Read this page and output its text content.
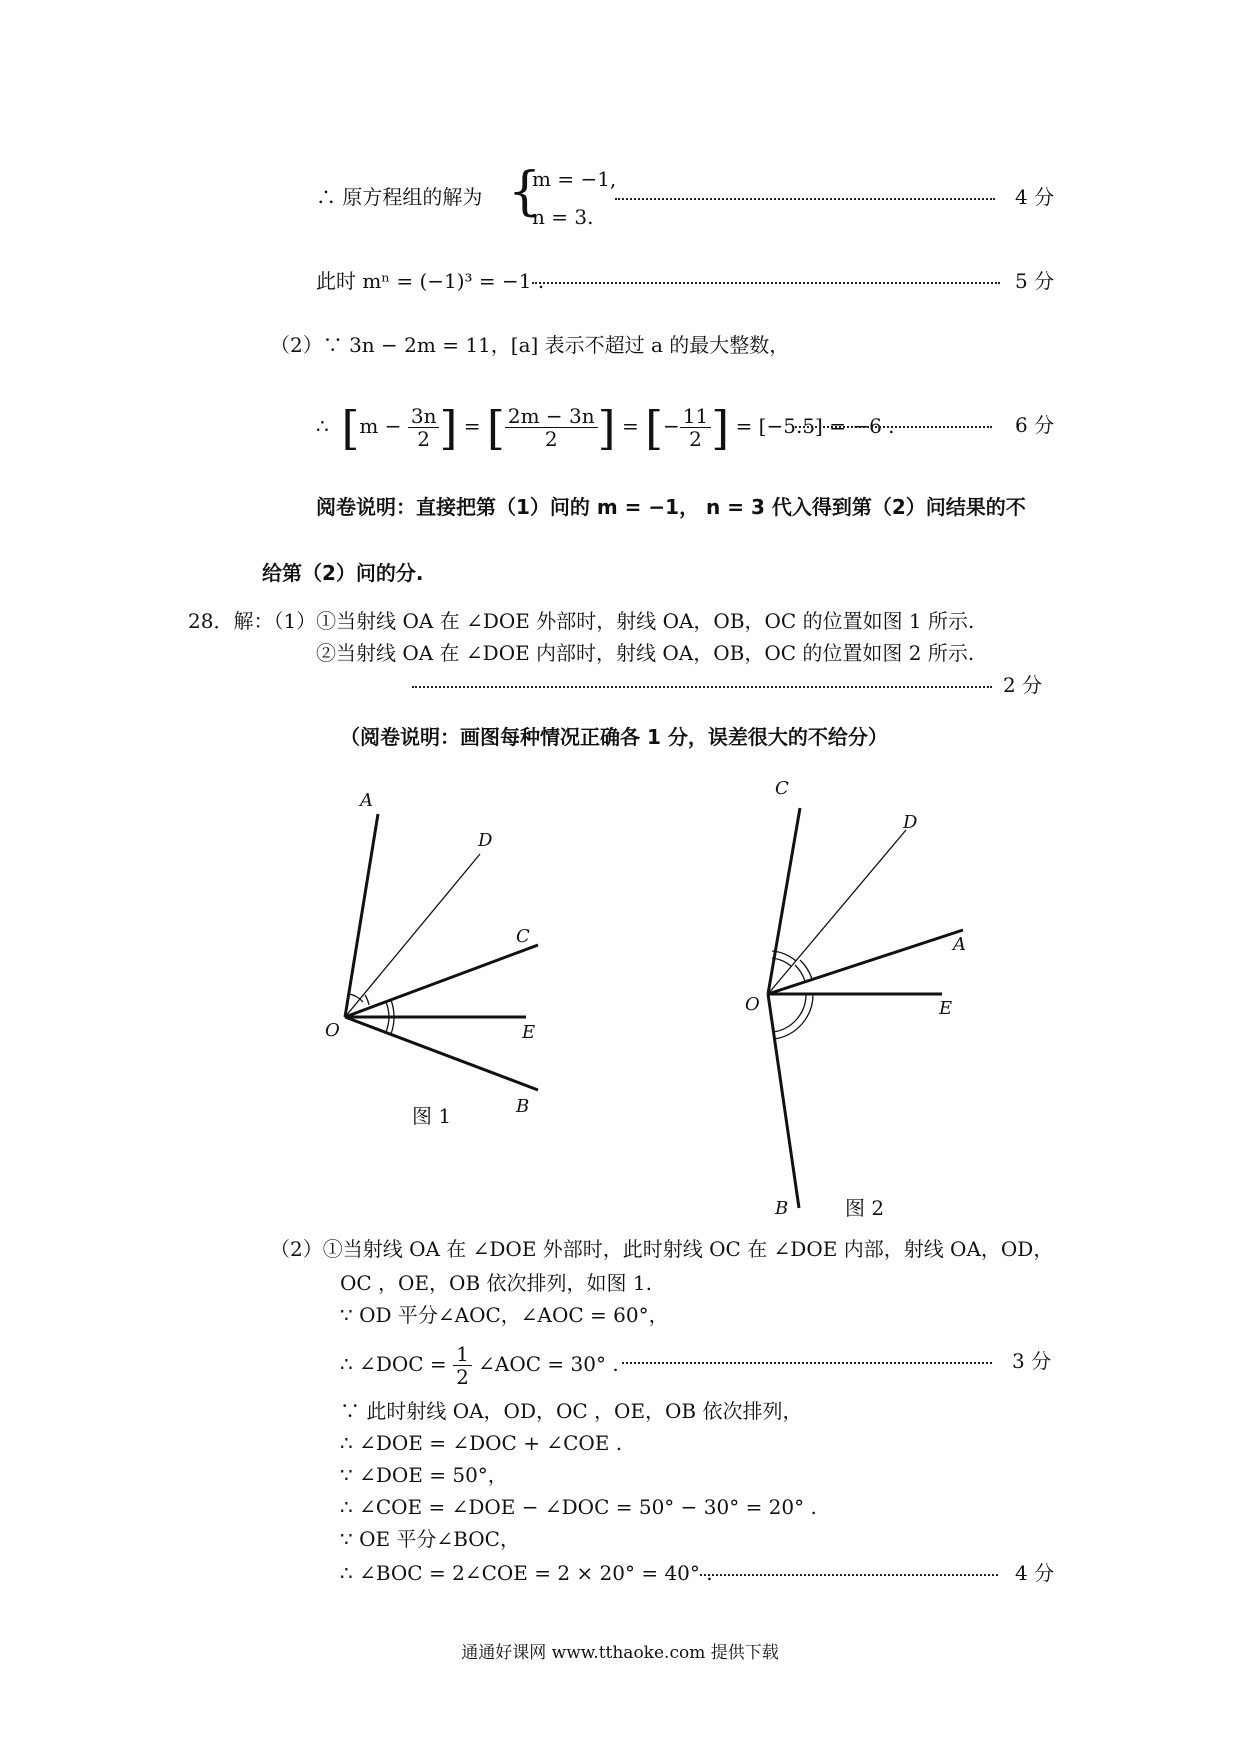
∴ 原方程组的解为 {
m = −1,
n = 3.
4 分
此时 mⁿ = (−1)³ = −1 .	5 分
（2）∵ 3n − 2m = 11，[a] 表示不超过 a 的最大整数，
∴ [$m - \frac{3n}{2}$ ] = [ $\frac{2m - 3n}{2}$ ] = [− $\frac{11}{2}$ ] = [−5.5] = −6 .	6 分
阅卷说明：直接把第（1）问的 m = −1， n = 3 代入得到第（2）问结果的不
给第（2）问的分.
28．解：（1）①当射线 OA 在 ∠DOE 外部时，射线 OA，OB，OC 的位置如图 1 所示.
②当射线 OA 在 ∠DOE 内部时，射线 OA，OB，OC 的位置如图 2 所示.
2 分
（阅卷说明：画图每种情况正确各 1 分，误差很大的不给分）
A
D
C
O	E
B
图 1
C
D
A
O	E
B	图 2
（2）①当射线 OA 在 ∠DOE 外部时，此时射线 OC 在 ∠DOE 内部，射线 OA，OD，
OC ，OE，OB 依次排列，如图 1.
∵ OD 平分∠AOC，∠AOC = 60°，
∴ ∠DOC = $\frac{1}{2}$ ∠AOC = 30° .	3 分
∵ 此时射线 OA，OD，OC ，OE，OB 依次排列，
∴ ∠DOE = ∠DOC + ∠COE .
∵ ∠DOE = 50°，
∴ ∠COE = ∠DOE − ∠DOC = 50° − 30° = 20° .
∵ OE 平分∠BOC，
∴ ∠BOC = 2∠COE = 2 × 20° = 40° .	4 分
通通好课网 www.tthaoke.com 提供下载
